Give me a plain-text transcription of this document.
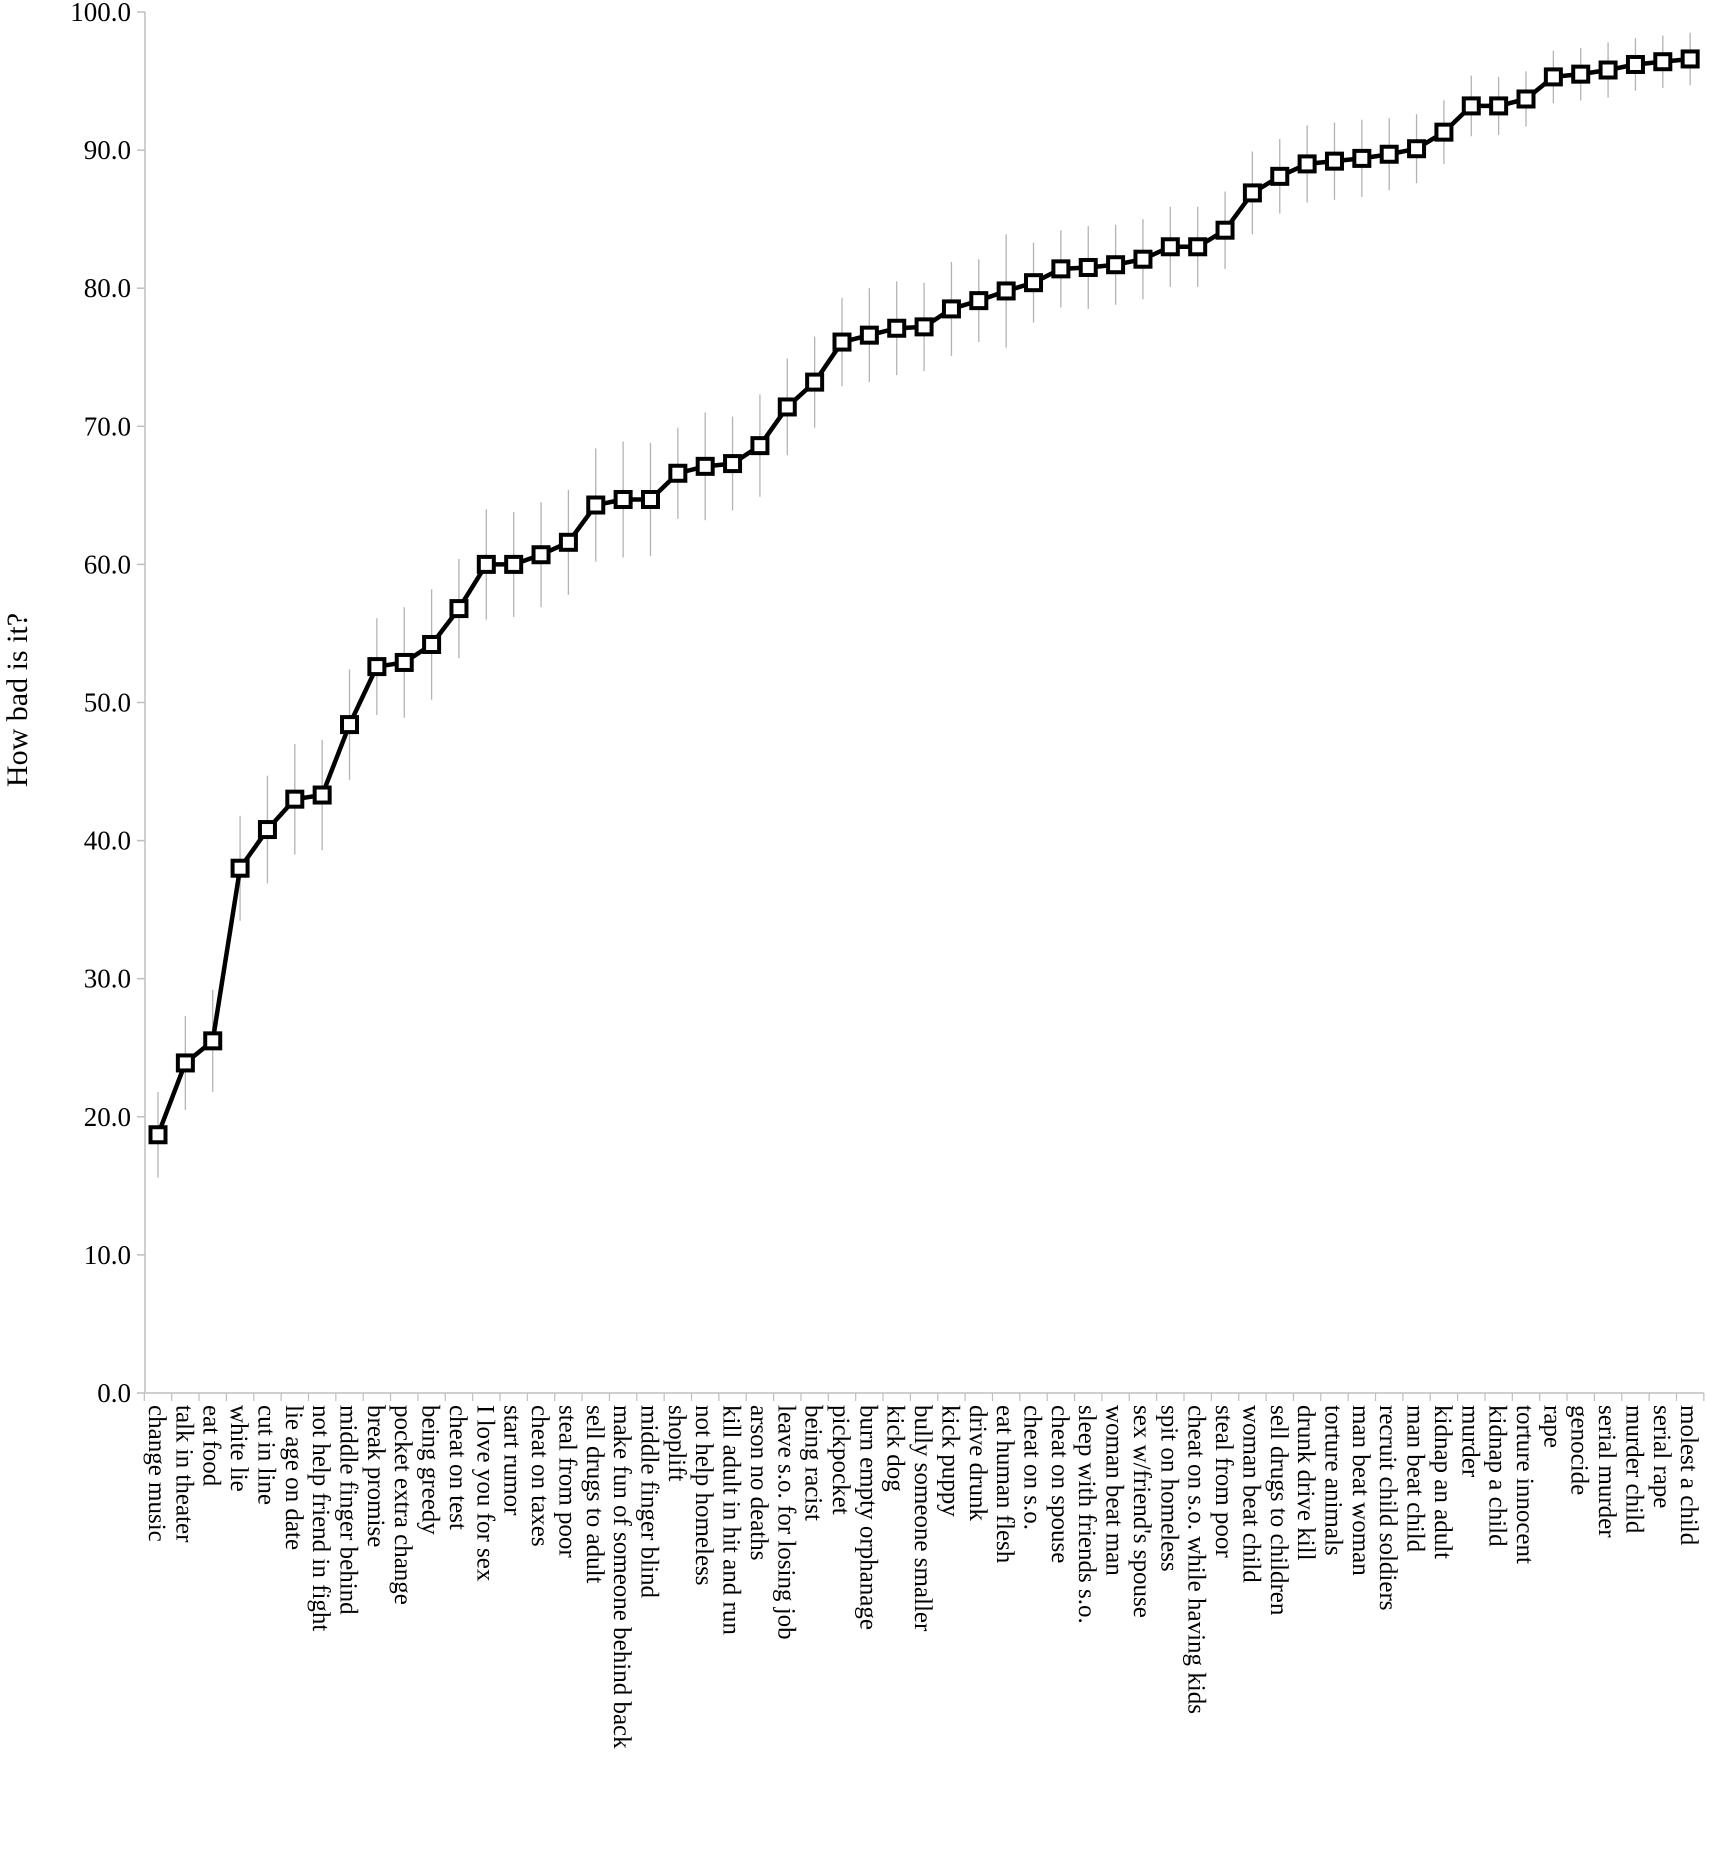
0.0
10.0
20.0
30.0
40.0
50.0
60.0
70.0
80.0
90.0
100.0
change music talk in theater eat food white lie cut in line lie age on date not help friend in fight middle finger behind break promise pocket extra change being greedy cheat on test I love you for sex start rumor cheat on taxes steal from poor sell drugs to adult make fun of someone behind back middle finger blind shoplift not help homeless kill adult in hit and run arson no deaths leave s.o. for losing job being racist pickpocket burn empty orphanage kick dog bully someone smaller kick puppy drive drunk eat human flesh cheat on s.o. cheat on spouse sleep with friends s.o. woman beat man sex w/friend's spouse spit on homeless cheat on s.o. while having kids steal from poor woman beat child sell drugs to children drunk drive kill torture animals man beat woman recruit child soldiers man beat child kidnap an adult murder kidnap a child torture innocent rape genocide serial murder murder child serial rape molest a child
How bad is it?
